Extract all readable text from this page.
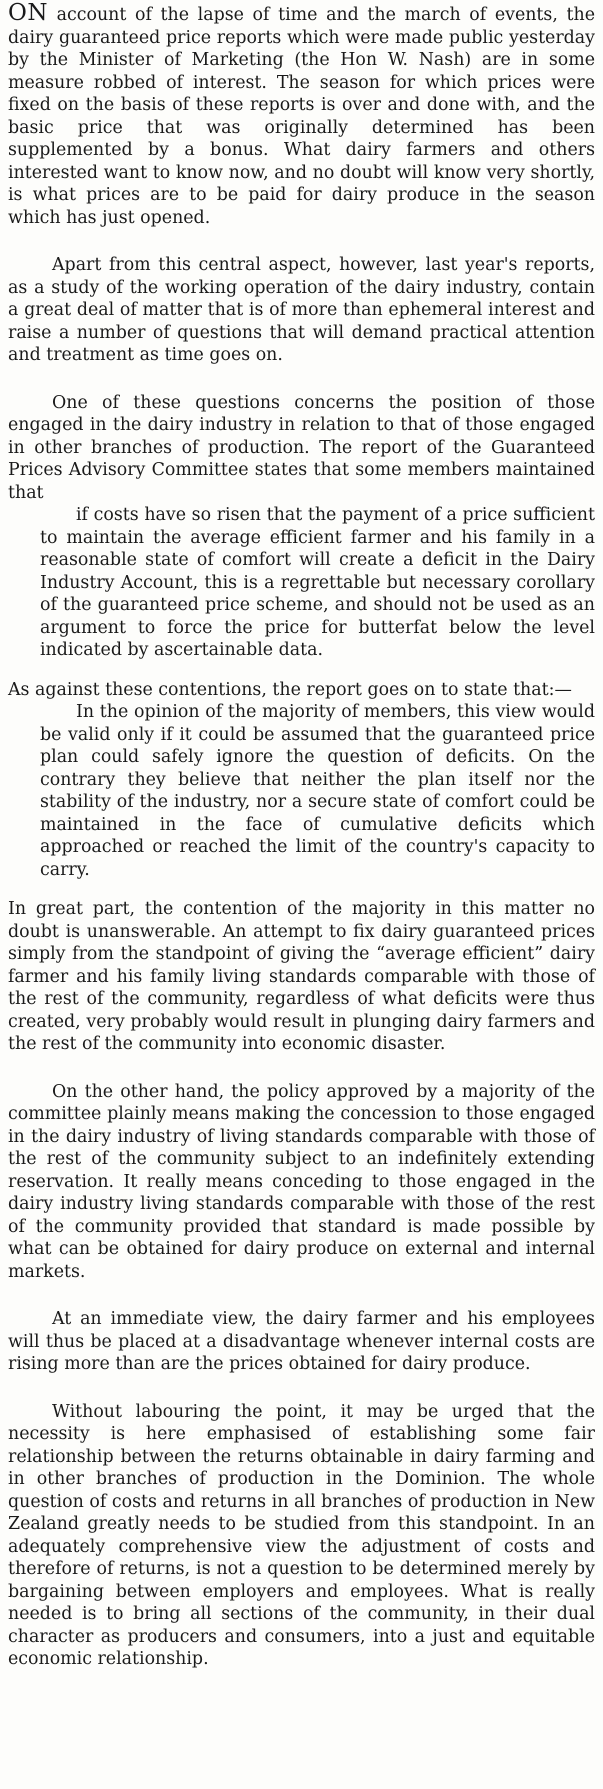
ON account of the lapse of time and the march of events, the dairy guaranteed price reports which were made public yesterday by the Minister of Marketing (the Hon W. Nash) are in some measure robbed of interest. The season for which prices were fixed on the basis of these reports is over and done with, and the basic price that was originally determined has been supplemented by a bonus. What dairy farmers and others interested want to know now, and no doubt will know very shortly, is what prices are to be paid for dairy produce in the season which has just opened.

Apart from this central aspect, however, last year's reports, as a study of the working operation of the dairy industry, contain a great deal of matter that is of more than ephemeral interest and raise a number of questions that will demand practical attention and treatment as time goes on.

One of these questions concerns the position of those engaged in the dairy industry in relation to that of those engaged in other branches of production. The report of the Guaranteed Prices Advisory Committee states that some members maintained that

if costs have so risen that the payment of a price sufficient to maintain the average efficient farmer and his family in a reasonable state of comfort will create a deficit in the Dairy Industry Account, this is a regrettable but necessary corollary of the guaranteed price scheme, and should not be used as an argument to force the price for butterfat below the level indicated by ascertainable data.

As against these contentions, the report goes on to state that:—

In the opinion of the majority of members, this view would be valid only if it could be assumed that the guaranteed price plan could safely ignore the question of deficits. On the contrary they believe that neither the plan itself nor the stability of the industry, nor a secure state of comfort could be maintained in the face of cumulative deficits which approached or reached the limit of the country's capacity to carry.

In great part, the contention of the majority in this matter no doubt is unanswerable. An attempt to fix dairy guaranteed prices simply from the standpoint of giving the “average efficient” dairy farmer and his family living standards comparable with those of the rest of the community, regardless of what deficits were thus created, very probably would result in plunging dairy farmers and the rest of the community into economic disaster.

On the other hand, the policy approved by a majority of the committee plainly means making the concession to those engaged in the dairy industry of living standards comparable with those of the rest of the community subject to an indefinitely extending reservation. It really means conceding to those engaged in the dairy industry living standards comparable with those of the rest of the community provided that standard is made possible by what can be obtained for dairy produce on external and internal markets.

At an immediate view, the dairy farmer and his employees will thus be placed at a disadvantage whenever internal costs are rising more than are the prices obtained for dairy produce.

Without labouring the point, it may be urged that the necessity is here emphasised of establishing some fair relationship between the returns obtainable in dairy farming and in other branches of production in the Dominion. The whole question of costs and returns in all branches of production in New Zealand greatly needs to be studied from this standpoint. In an adequately comprehensive view the adjustment of costs and therefore of returns, is not a question to be determined merely by bargaining between employers and employees. What is really needed is to bring all sections of the community, in their dual character as producers and consumers, into a just and equitable economic relationship.
